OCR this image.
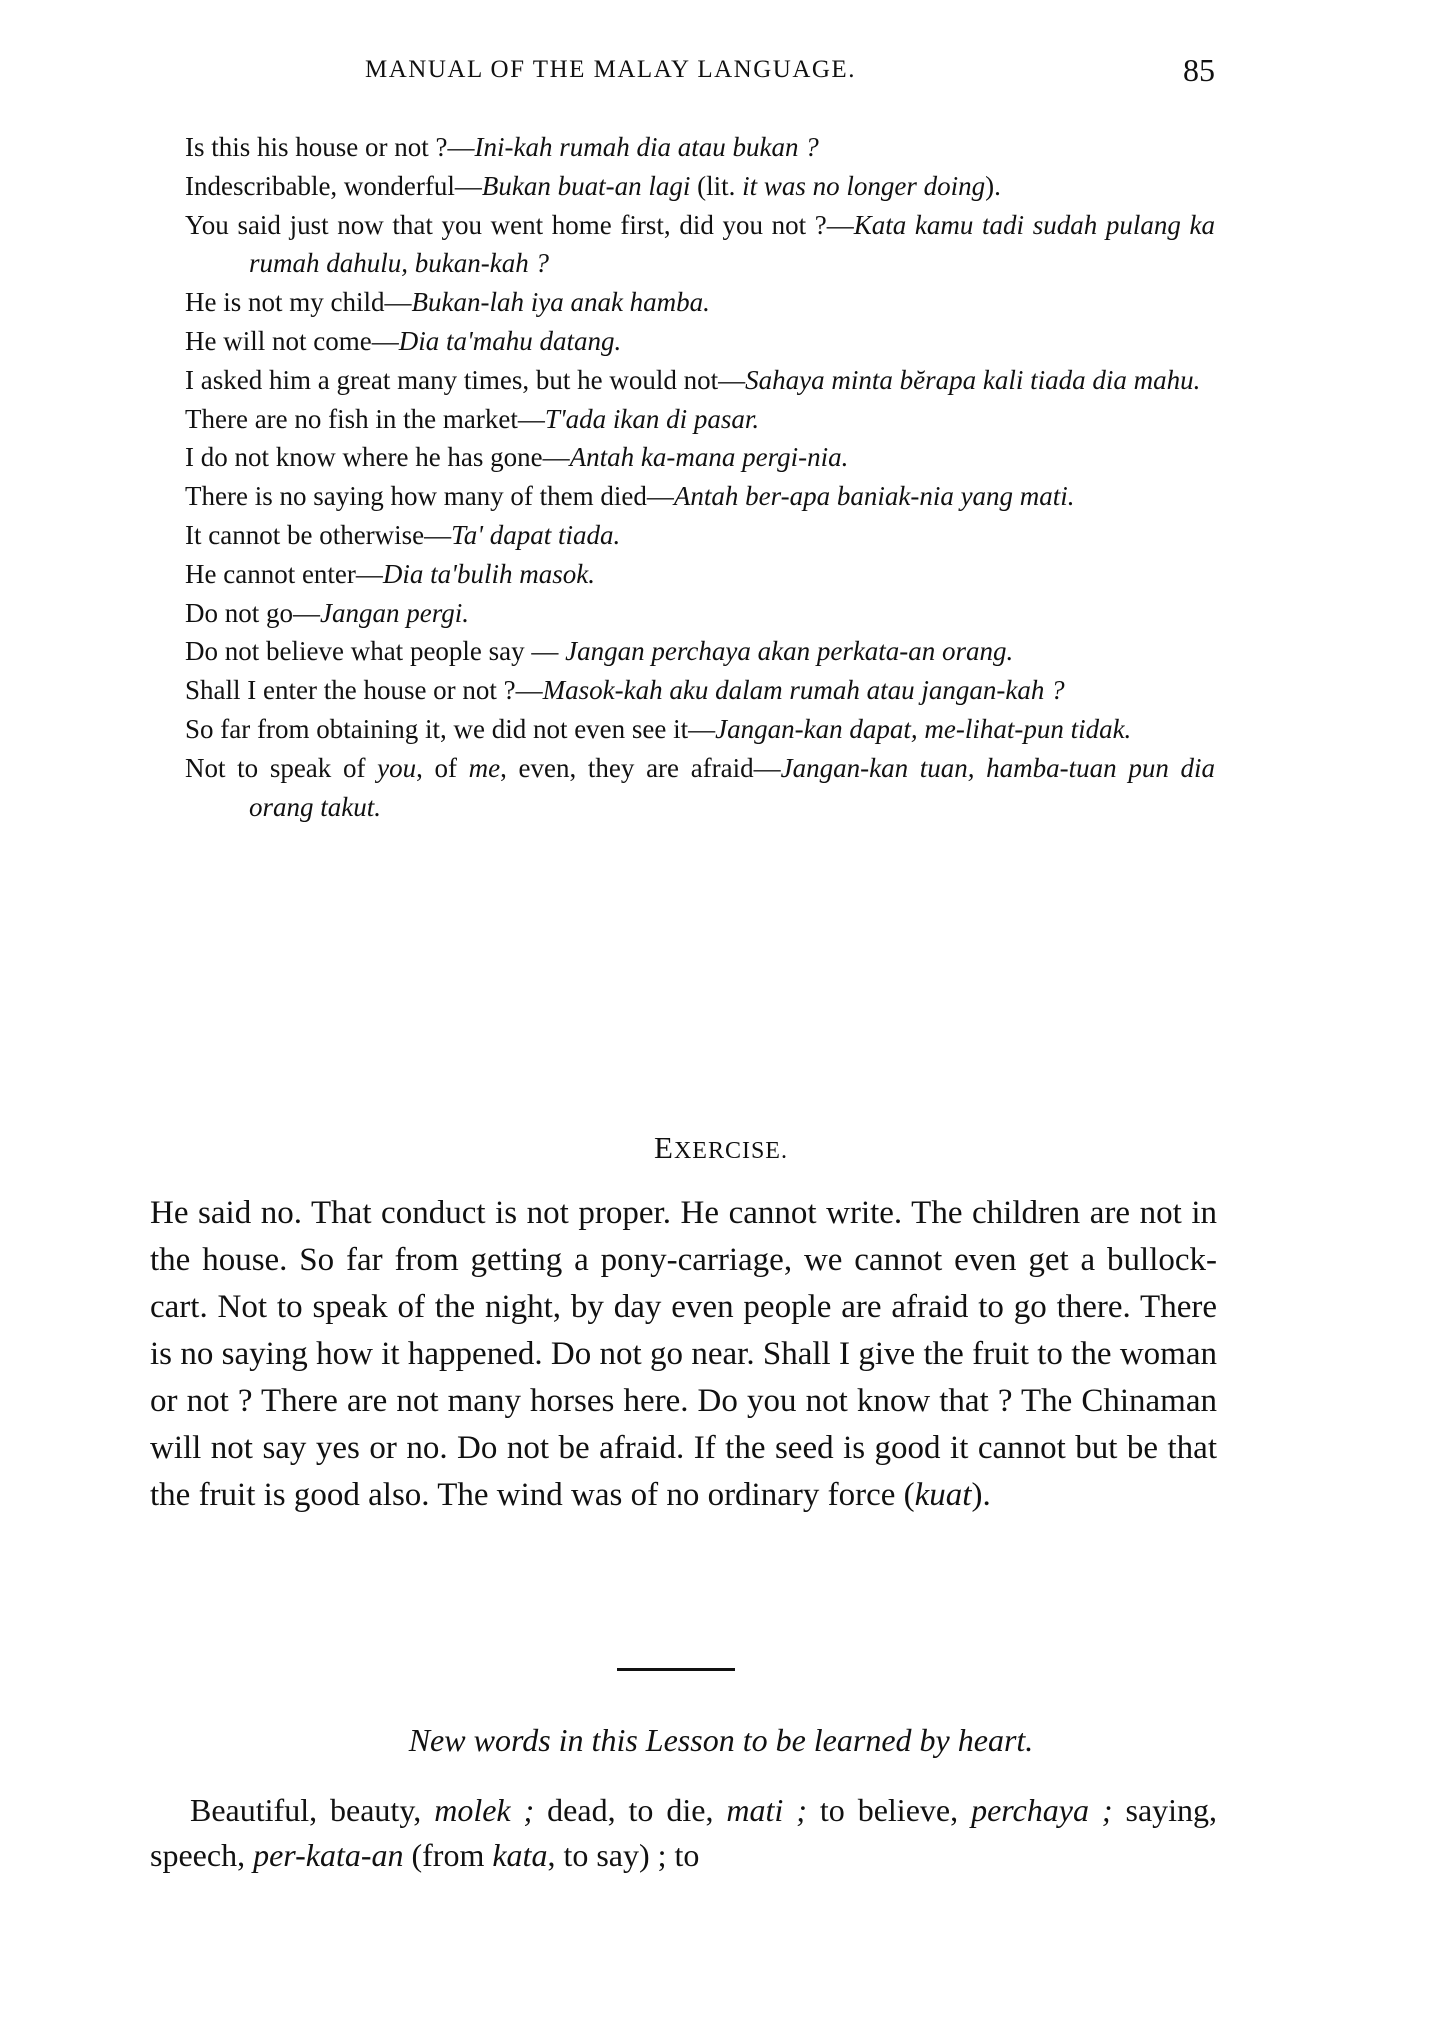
MANUAL OF THE MALAY LANGUAGE.	85

Is this his house or not ?—Ini-kah rumah dia atau bukan ?

Indescribable, wonderful—Bukan buat-an lagi (lit. it was no longer doing).

You said just now that you went home first, did you not ?—Kata kamu tadi sudah pulang ka rumah dahulu, bukan-kah ?

He is not my child—Bukan-lah iya anak hamba.

He will not come—Dia ta'mahu datang.

I asked him a great many times, but he would not—Sahaya minta bĕrapa kali tiada dia mahu.

There are no fish in the market—T'ada ikan di pasar.

I do not know where he has gone—Antah ka-mana pergi-nia.

There is no saying how many of them died—Antah ber-apa baniak-nia yang mati.

It cannot be otherwise—Ta' dapat tiada.

He cannot enter—Dia ta'bulih masok.

Do not go—Jangan pergi.

Do not believe what people say — Jangan perchaya akan perkata-an orang.

Shall I enter the house or not ?—Masok-kah aku dalam rumah atau jangan-kah ?

So far from obtaining it, we did not even see it—Jangan-kan dapat, me-lihat-pun tidak.

Not to speak of you, of me, even, they are afraid—Jangan-kan tuan, hamba-tuan pun dia orang takut.

EXERCISE.

He said no. That conduct is not proper. He cannot write. The children are not in the house. So far from getting a pony-carriage, we cannot even get a bullock-cart. Not to speak of the night, by day even people are afraid to go there. There is no saying how it happened. Do not go near. Shall I give the fruit to the woman or not ? There are not many horses here. Do you not know that ? The Chinaman will not say yes or no. Do not be afraid. If the seed is good it cannot but be that the fruit is good also. The wind was of no ordinary force (kuat).

New words in this Lesson to be learned by heart.

Beautiful, beauty, molek ; dead, to die, mati ; to believe, perchaya ; saying, speech, per-kata-an (from kata, to say) ; to
